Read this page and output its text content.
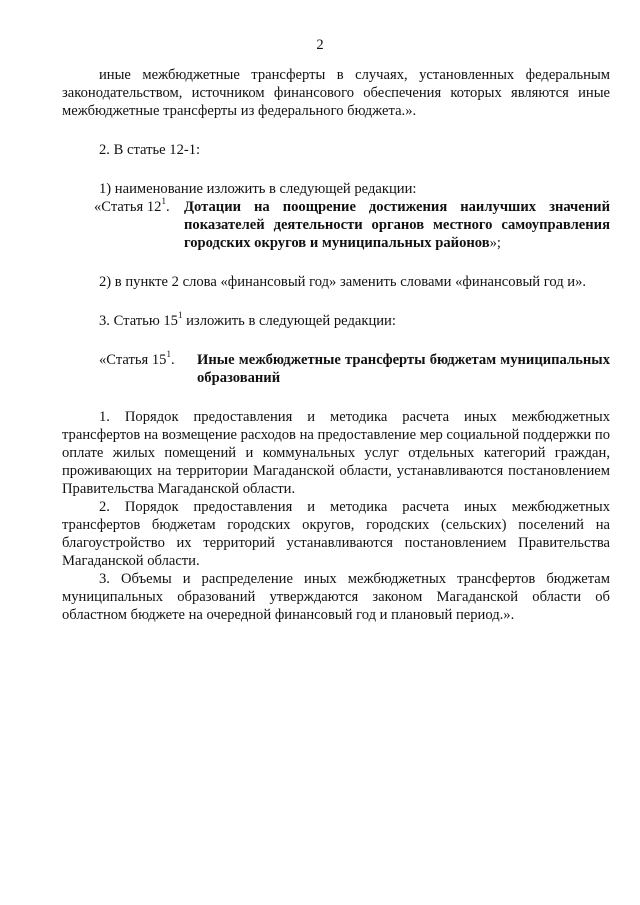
2

иные межбюджетные трансферты в случаях, установленных федеральным законодательством, источником финансового обеспечения которых являются иные межбюджетные трансферты из федерального бюджета.».

2. В статье 12-1:

1) наименование изложить в следующей редакции:

«Статья $12^1$. Дотации на поощрение достижения наилучших значений показателей деятельности органов местного самоуправления городских округов и муниципальных районов»;

2) в пункте 2 слова «финансовый год» заменить словами «финансовый год и».

3. Статью $15^1$ изложить в следующей редакции:

«Статья $15^1$.	Иные межбюджетные трансферты бюджетам муниципальных образований

1. Порядок предоставления и методика расчета иных межбюджетных трансфертов на возмещение расходов на предоставление мер социальной поддержки по оплате жилых помещений и коммунальных услуг отдельных категорий граждан, проживающих на территории Магаданской области, устанавливаются постановлением Правительства Магаданской области.

2. Порядок предоставления и методика расчета иных межбюджетных трансфертов бюджетам городских округов, городских (сельских) поселений на благоустройство их территорий устанавливаются постановлением Правительства Магаданской области.

3. Объемы и распределение иных межбюджетных трансфертов бюджетам муниципальных образований утверждаются законом Магаданской области об областном бюджете на очередной финансовый год и плановый период.».
